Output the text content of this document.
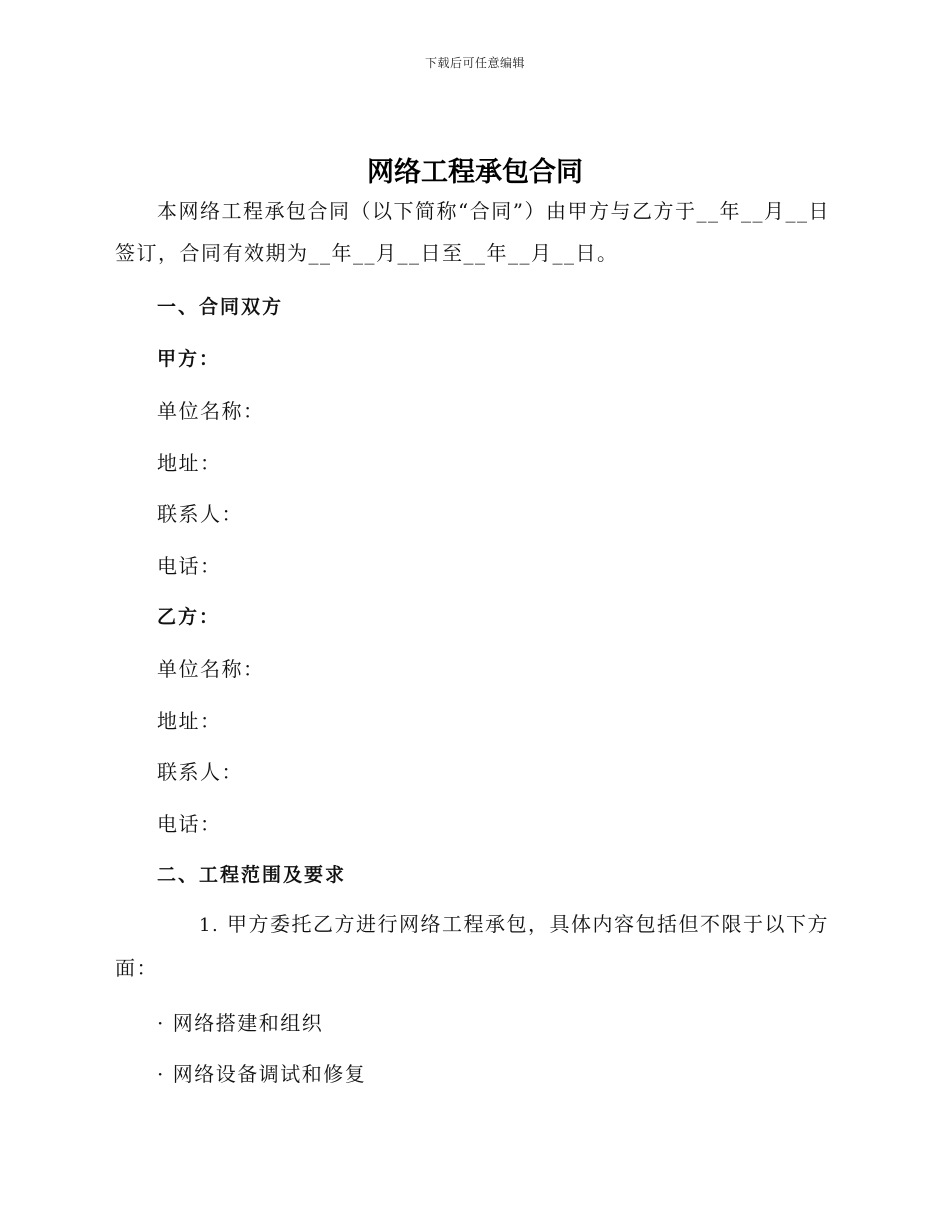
下载后可任意编辑
网络工程承包合同
本网络工程承包合同（以下简称“合同”）由甲方与乙方于__年__月__日签订，合同有效期为__年__月__日至__年__月__日。
一、合同双方
甲方：
单位名称：
地址：
联系人：
电话：
乙方：
单位名称：
地址：
联系人：
电话：
二、工程范围及要求
1. 甲方委托乙方进行网络工程承包，具体内容包括但不限于以下方面：
· 网络搭建和组织
· 网络设备调试和修复
